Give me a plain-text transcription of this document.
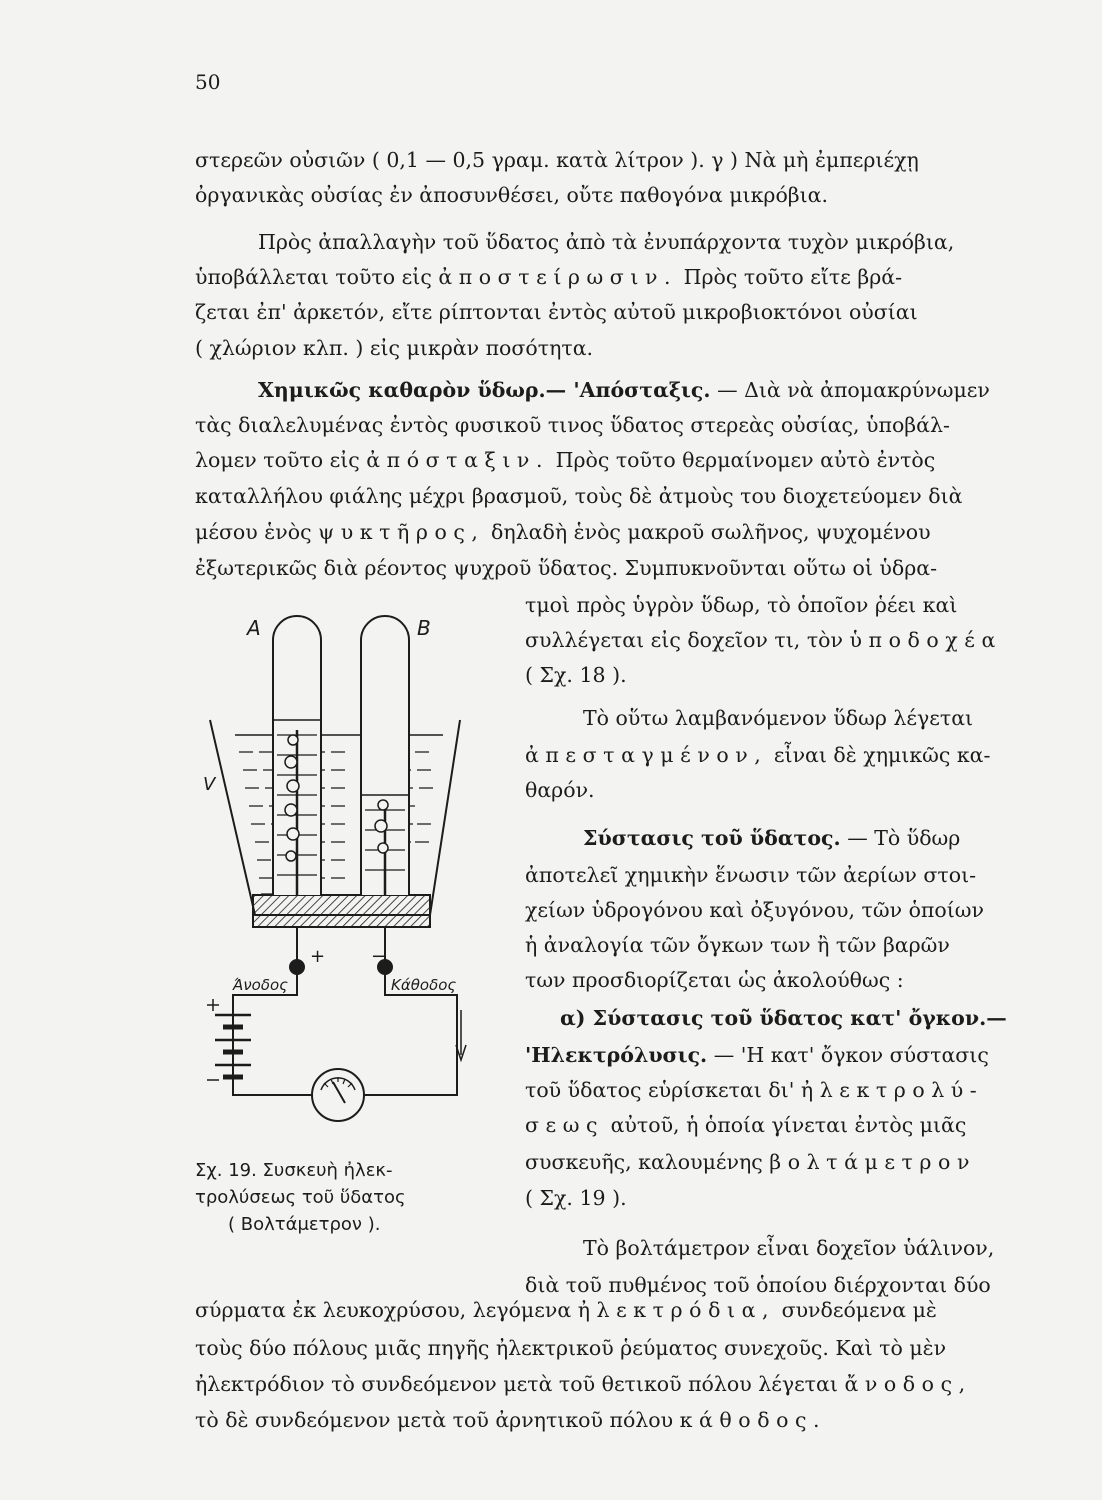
50
στερεῶν οὐσιῶν ( 0,1 — 0,5 γραμ. κατὰ λίτρον ). γ ) Νὰ μὴ ἐμπεριέχῃ
ὀργανικὰς οὐσίας ἐν ἀποσυνθέσει, οὔτε παθογόνα μικρόβια.
Πρὸς ἀπαλλαγὴν τοῦ ὕδατος ἀπὸ τὰ ἐνυπάρχοντα τυχὸν μικρόβια,
ὑποβάλλεται τοῦτο εἰς ἀποστείρωσιν. Πρὸς τοῦτο εἴτε βρά-
ζεται ἐπ' ἀρκετόν, εἴτε ρίπτονται ἐντὸς αὐτοῦ μικροβιοκτόνοι οὐσίαι
( χλώριον κλπ. ) εἰς μικρὰν ποσότητα.
Χημικῶς καθαρὸν ὕδωρ.— 'Απόσταξις. — Διὰ νὰ ἀπομακρύνωμεν
τὰς διαλελυμένας ἐντὸς φυσικοῦ τινος ὕδατος στερεὰς οὐσίας, ὑποβάλ-
λομεν τοῦτο εἰς ἀπόσταξιν. Πρὸς τοῦτο θερμαίνομεν αὐτὸ ἐντὸς
καταλλήλου φιάλης μέχρι βρασμοῦ, τοὺς δὲ ἀτμοὺς του διοχετεύομεν διὰ
μέσου ἑνὸς ψυκτῆρος, δηλαδὴ ἑνὸς μακροῦ σωλῆνος, ψυχομένου
ἐξωτερικῶς διὰ ρέοντος ψυχροῦ ὕδατος. Συμπυκνοῦνται οὕτω οἱ ὑδρα-
τμοὶ πρὸς ὑγρὸν ὕδωρ, τὸ ὁποῖον ῥέει καὶ
συλλέγεται εἰς δοχεῖον τι, τὸν ὑποδοχέα
( Σχ. 18 ).
Τὸ οὕτω λαμβανόμενον ὕδωρ λέγεται
ἀπεσταγμένον, εἶναι δὲ χημικῶς κα-
θαρόν.
Σύστασις τοῦ ὕδατος. — Τὸ ὕδωρ
ἀποτελεῖ χημικὴν ἕνωσιν τῶν ἀερίων στοι-
χείων ὑδρογόνου καὶ ὀξυγόνου, τῶν ὁποίων
ἡ ἀναλογία τῶν ὄγκων των ἢ τῶν βαρῶν
των προσδιορίζεται ὡς ἀκολούθως :
α) Σύστασις τοῦ ὕδατος κατ' ὄγκον.—
'Ηλεκτρόλυσις. — 'Η κατ' ὄγκον σύστασις
τοῦ ὕδατος εὑρίσκεται δι' ἠλεκτρολύ-
σεως αὐτοῦ, ἡ ὁποία γίνεται ἐντὸς μιᾶς
συσκευῆς, καλουμένης βολτάμετρον
( Σχ. 19 ).
Τὸ βολτάμετρον εἶναι δοχεῖον ὑάλινον,
διὰ τοῦ πυθμένος τοῦ ὁποίου διέρχονται δύο
σύρματα ἐκ λευκοχρύσου, λεγόμενα ἠλεκτρόδια, συνδεόμενα μὲ
τοὺς δύο πόλους μιᾶς πηγῆς ἠλεκτρικοῦ ῥεύματος συνεχοῦς. Καὶ τὸ μὲν
ἠλεκτρόδιον τὸ συνδεόμενον μετὰ τοῦ θετικοῦ πόλου λέγεται ἄνοδος,
τὸ δὲ συνδεόμενον μετὰ τοῦ ἀρνητικοῦ πόλου κάθοδος.
A	B
V
+	−
Άνοδος	Κάθοδος
Σχ. 19. Συσκευὴ ἠλεκ-
τρολύσεως τοῦ ὕδατος
( Βολτάμετρον ).
